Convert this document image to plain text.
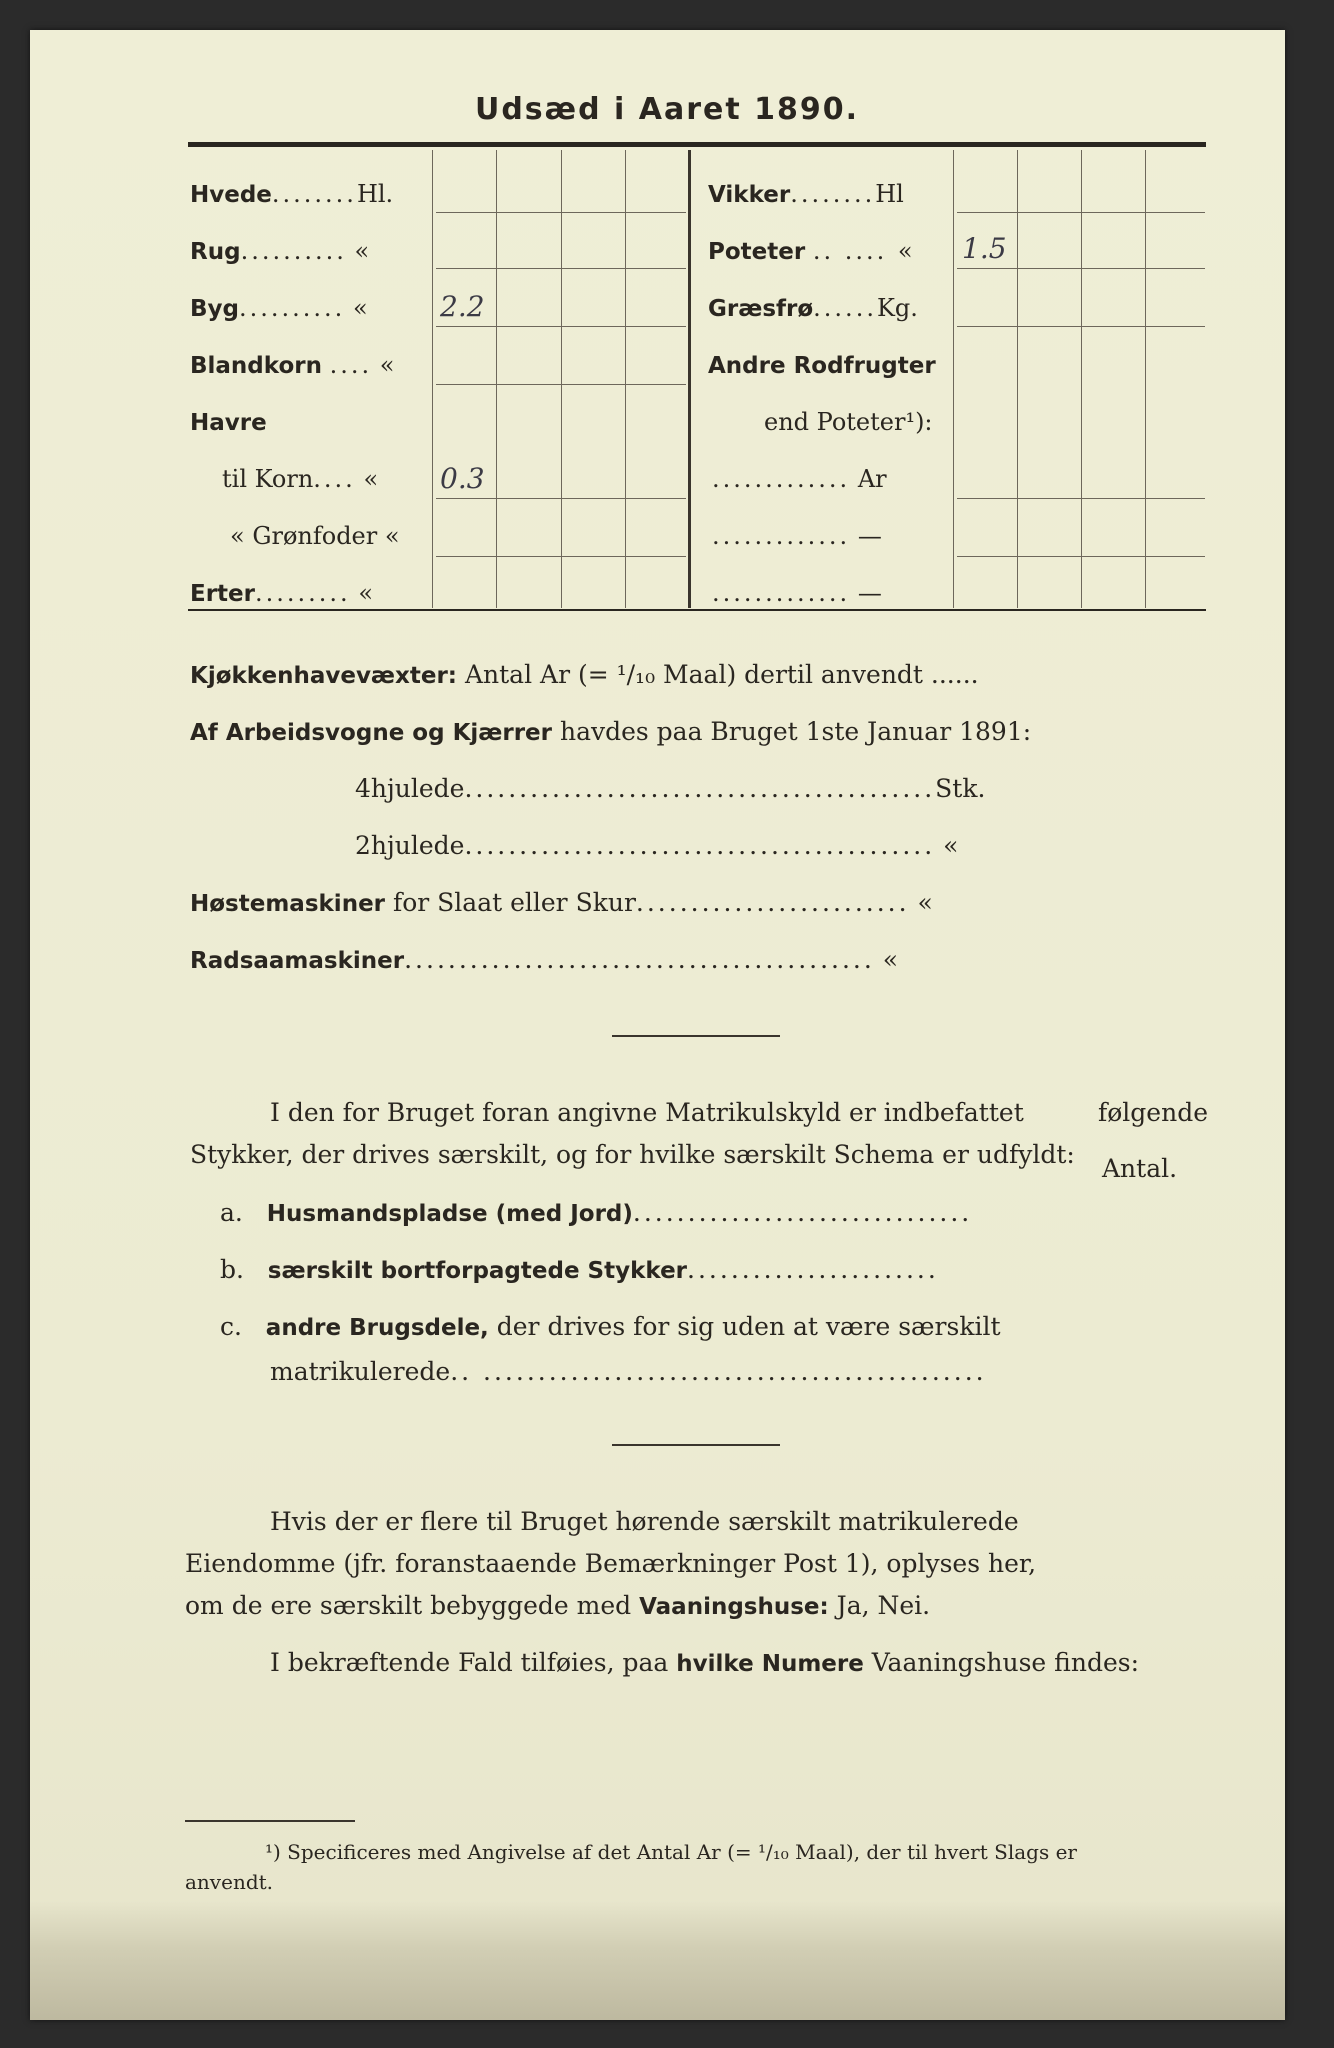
Udsæd i Aaret 1890.
Hvede........Hl.
Rug.......... «
Byg.......... «	2.2
Blandkorn .... «
Havre
til Korn.... « 0.3
« Grønfoder «
Erter......... «
Vikker........Hl
Poteter .. .... « 1.5
Græsfrø......Kg.
Andre Rodfrugter
end Poteter¹):
............. Ar
............. —
............. —
Kjøkkenhavevæxter: Antal Ar (= ¹/₁₀ Maal) dertil anvendt ......
Af Arbeidsvogne og Kjærrer havdes paa Bruget 1ste Januar 1891:
4hjulede...........................................Stk.
2hjulede........................................... «
Høstemaskiner for Slaat eller Skur......................... «
Radsaamaskiner........................................... «
I den for Bruget foran angivne Matrikulskyld er indbefattet	følgende
Stykker, der drives særskilt, og for hvilke særskilt Schema er udfyldt: Antal.
a. Husmandspladse (med Jord)...............................
b. særskilt bortforpagtede Stykker.......................
c. andre Brugsdele, der drives for sig uden at være særskilt
matrikulerede.. ..............................................
Hvis der er flere til Bruget hørende særskilt matrikulerede
Eiendomme (jfr. foranstaaende Bemærkninger Post 1), oplyses her,
om de ere særskilt bebyggede med Vaaningshuse: Ja, Nei.
I bekræftende Fald tilføies, paa hvilke Numere Vaaningshuse findes:
¹) Specificeres med Angivelse af det Antal Ar (= ¹/₁₀ Maal), der til hvert Slags er
anvendt.
